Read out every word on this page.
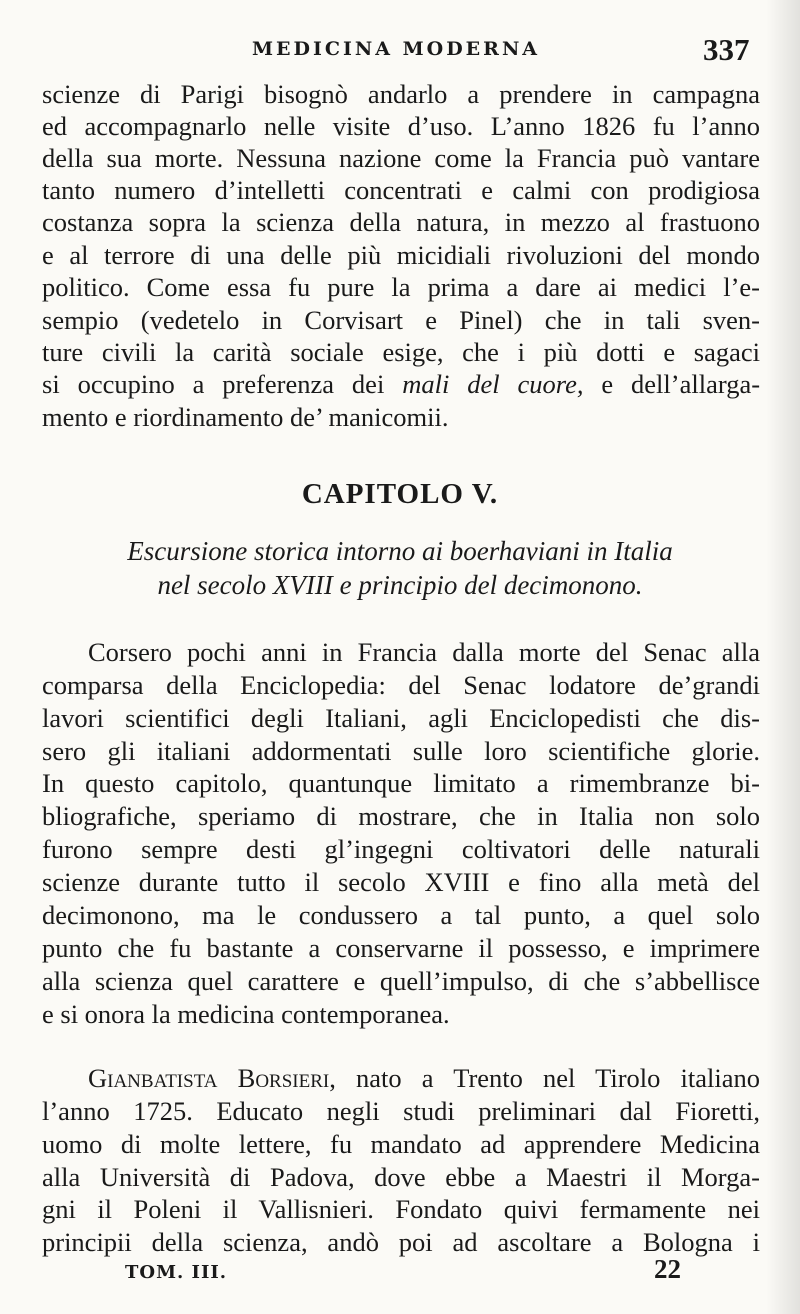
MEDICINA MODERNA	337

scienze di Parigi bisognò andarlo a prendere in campagna

ed accompagnarlo nelle visite d’uso. L’anno 1826 fu l’anno

della sua morte. Nessuna nazione come la Francia può vantare

tanto numero d’intelletti concentrati e calmi con prodigiosa

costanza sopra la scienza della natura, in mezzo al frastuono

e al terrore di una delle più micidiali rivoluzioni del mondo

politico. Come essa fu pure la prima a dare ai medici l’e-

sempio (vedetelo in Corvisart e Pinel) che in tali sven-

ture civili la carità sociale esige, che i più dotti e sagaci

si occupino a preferenza dei mali del cuore, e dell’allarga-

mento e riordinamento de’ manicomii.

CAPITOLO V.

Escursione storica intorno ai boerhaviani in Italia

nel secolo XVIII e principio del decimonono.

Corsero pochi anni in Francia dalla morte del Senac alla

comparsa della Enciclopedia: del Senac lodatore de’grandi

lavori scientifici degli Italiani, agli Enciclopedisti che dis-

sero gli italiani addormentati sulle loro scientifiche glorie.

In questo capitolo, quantunque limitato a rimembranze bi-

bliografiche, speriamo di mostrare, che in Italia non solo

furono sempre desti gl’ingegni coltivatori delle naturali

scienze durante tutto il secolo XVIII e fino alla metà del

decimonono, ma le condussero a tal punto, a quel solo

punto che fu bastante a conservarne il possesso, e imprimere

alla scienza quel carattere e quell’impulso, di che s’abbellisce

e si onora la medicina contemporanea.

Gianbatista Borsieri, nato a Trento nel Tirolo italiano

l’anno 1725. Educato negli studi preliminari dal Fioretti,

uomo di molte lettere, fu mandato ad apprendere Medicina

alla Università di Padova, dove ebbe a Maestri il Morga-

gni il Poleni il Vallisnieri. Fondato quivi fermamente nei

principii della scienza, andò poi ad ascoltare a Bologna i

TOM. III.	22
